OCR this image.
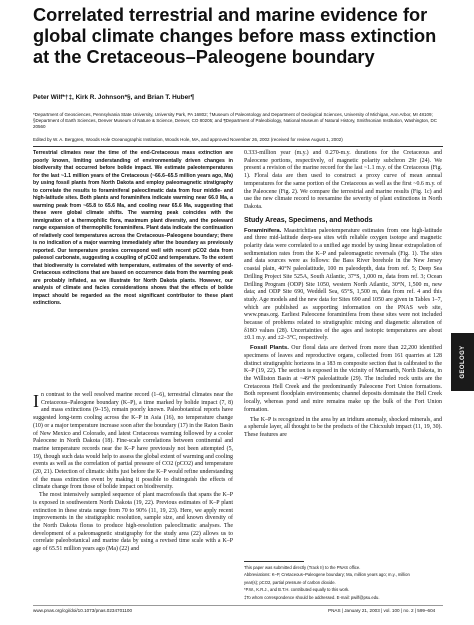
Correlated terrestrial and marine evidence for global climate changes before mass extinction at the Cretaceous–Paleogene boundary

Peter Wilf*†‡, Kirk R. Johnson*§, and Brian T. Huber¶

*Department of Geosciences, Pennsylvania State University, University Park, PA 16802; †Museum of Paleontology and Department of Geological Sciences, University of Michigan, Ann Arbor, MI 48109; §Department of Earth Sciences, Denver Museum of Nature & Science, Denver, CO 80205; and ¶Department of Paleobiology, National Museum of Natural History, Smithsonian Institution, Washington, DC 20560

Edited by W. A. Berggren, Woods Hole Oceanographic Institution, Woods Hole, MA, and approved November 26, 2002 (received for review August 1, 2002)

Terrestrial climates near the time of the end-Cretaceous mass extinction are poorly known, limiting understanding of environmentally driven changes in biodiversity that occurred before bolide impact. We estimate paleotemperatures for the last ~1.1 million years of the Cretaceous (~66.6–65.5 million years ago, Ma) by using fossil plants from North Dakota and employ paleomagnetic stratigraphy to correlate the results to foraminiferal paleoclimatic data from four middle- and high-latitude sites. Both plants and foraminifera indicate warming near 66.0 Ma, a warming peak from ~65.8 to 65.6 Ma, and cooling near 65.6 Ma, suggesting that these were global climate shifts. The warming peak coincides with the immigration of a thermophilic flora, maximum plant diversity, and the poleward range expansion of thermophilic foraminifera. Plant data indicate the continuation of relatively cool temperatures across the Cretaceous–Paleogene boundary; there is no indication of a major warming immediately after the boundary as previously reported. Our temperature proxies correspond well with recent pCO2 data from paleosol carbonate, suggesting a coupling of pCO2 and temperature. To the extent that biodiversity is correlated with temperature, estimates of the severity of end-Cretaceous extinctions that are based on occurrence data from the warming peak are probably inflated, as we illustrate for North Dakota plants. However, our analysis of climate and facies considerations shows that the effects of bolide impact should be regarded as the most significant contributor to these plant extinctions.

In contrast to the well resolved marine record (1–6), terrestrial climates near the Cretaceous–Paleogene boundary (K–P), a time marked by bolide impact (7, 8) and mass extinctions (9–15), remain poorly known. Paleobotanical reports have suggested long-term cooling across the K–P in Asia (16), no temperature change (10) or a major temperature increase soon after the boundary (17) in the Raton Basin of New Mexico and Colorado, and latest Cretaceous warming followed by a cooler Paleocene in North Dakota (18). Fine-scale correlations between continental and marine temperature records near the K–P have previously not been attempted (5, 19), though such data would help to assess the global extent of warming and cooling events as well as the correlation of partial pressure of CO2 (pCO2) and temperature (20, 21). Detection of climatic shifts just before the K–P would refine understanding of the mass extinction event by making it possible to distinguish the effects of climate change from those of bolide impact on biodiversity.
The most intensively sampled sequence of plant macrofossils that spans the K–P is exposed in southwestern North Dakota (19, 22). Previous estimates of K–P plant extinction in these strata range from 70 to 90% (11, 19, 23). Here, we apply recent improvements in the stratigraphic resolution, sample size, and known diversity of the North Dakota floras to produce high-resolution paleoclimatic analyses. The development of a paleomagnetic stratigraphy for the study area (22) allows us to correlate paleobotanical and marine data by using a revised time scale with a K–P age of 65.51 million years ago (Ma) (22) and

0.333-million year (m.y.) and 0.270-m.y. durations for the Cretaceous and Paleocene portions, respectively, of magnetic polarity subchron 29r (24). We present a revision of the marine record for the last ~1.1 m.y. of the Cretaceous (Fig. 1). Floral data are then used to construct a proxy curve of mean annual temperatures for the same portion of the Cretaceous as well as the first ~0.6 m.y. of the Paleocene (Fig. 2). We compare the terrestrial and marine results (Fig. 1c) and use the new climate record to reexamine the severity of plant extinctions in North Dakota.

Study Areas, Specimens, and Methods

Foraminifera. Maastrichtian paleotemperature estimates from one high-latitude and three mid-latitude deep-sea sites with reliable oxygen isotope and magnetic polarity data were correlated to a unified age model by using linear extrapolation of sedimentation rates from the K–P and paleomagnetic reversals (Fig. 1). The sites and data sources were as follows: the Bass River borehole in the New Jersey coastal plain, 40°N paleolatitude, 100 m paleodepth, data from ref. 5; Deep Sea Drilling Project Site 525A, South Atlantic, 37°S, 1,000 m, data from ref. 3; Ocean Drilling Program (ODP) Site 1050, western North Atlantic, 30°N, 1,500 m, new data; and ODP Site 690, Weddell Sea, 65°S, 1,500 m, data from ref. 4 and this study. Age models and the new data for Sites 690 and 1050 are given in Tables 1–7, which are published as supporting information on the PNAS web site, www.pnas.org. Earliest Paleocene foraminifera from these sites were not included because of problems related to stratigraphic mixing and diagenetic alteration of δ18O values (28). Uncertainties of the ages and isotopic temperatures are about ±0.1 m.y. and ±2–3°C, respectively.

Fossil Plants. Our floral data are derived from more than 22,200 identified specimens of leaves and reproductive organs, collected from 161 quarries at 128 distinct stratigraphic horizons in a 183 m composite section that is calibrated to the K–P (19, 22). The section is exposed in the vicinity of Marmarth, North Dakota, in the Williston Basin at ~49°N paleolatitude (29). The included rock units are the Cretaceous Hell Creek and the predominantly Paleocene Fort Union formations. Both represent floodplain environments; channel deposits dominate the Hell Creek locally, whereas pond and mire remains make up the bulk of the Fort Union formation.

The K–P is recognized in the area by an iridium anomaly, shocked minerals, and a spherule layer, all thought to be the products of the Chicxulub impact (11, 19, 30). These features are

This paper was submitted directly (Track II) to the PNAS office.
Abbreviations: K–P, Cretaceous–Paleogene boundary; Ma, million years ago; m.y., million
year(s); pCO2, partial pressure of carbon dioxide.
*P.W., K.R.J., and B.T.H. contributed equally to this work.
‡To whom correspondence should be addressed. E-mail: pwilf@psu.edu.
www.pnas.org/cgi/doi/10.1073/pnas.0234701100	PNAS | January 21, 2003 | vol. 100 | no. 2 | 599–604
GEOLOGY
